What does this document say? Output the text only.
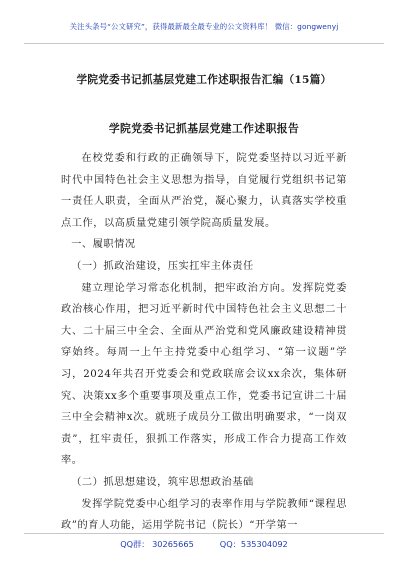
关注头条号“公文研究”，获得最新最全最专业的公文资料库！ 微信：gongwenyj
学院党委书记抓基层党建工作述职报告汇编（15篇）
学院党委书记抓基层党建工作述职报告

在校党委和行政的正确领导下，院党委坚持以习近平新时代中国特色社会主义思想为指导，自觉履行党组织书记第一责任人职责，全面从严治党，凝心聚力，认真落实学校重点工作，以高质量党建引领学院高质量发展。

一、履职情况

（一）抓政治建设，压实扛牢主体责任

建立理论学习常态化机制，把牢政治方向。发挥院党委政治核心作用，把习近平新时代中国特色社会主义思想二十大、二十届三中全会、全面从严治党和党风廉政建设精神贯穿始终。每周一上午主持党委中心组学习、“第一议题”学习，2024年共召开党委会和党政联席会议xx余次，集体研究、决策xx多个重要事项及重点工作，党委书记宣讲二十届三中全会精神x次。就班子成员分工做出明确要求，“一岗双责”，扛牢责任，狠抓工作落实，形成工作合力提高工作效率。

（二）抓思想建设，筑牢思想政治基础

发挥学院党委中心组学习的表率作用与学院教师“课程思政”的育人功能，运用学院书记（院长）“开学第一

QQ群： 30265665	QQ：535304092
